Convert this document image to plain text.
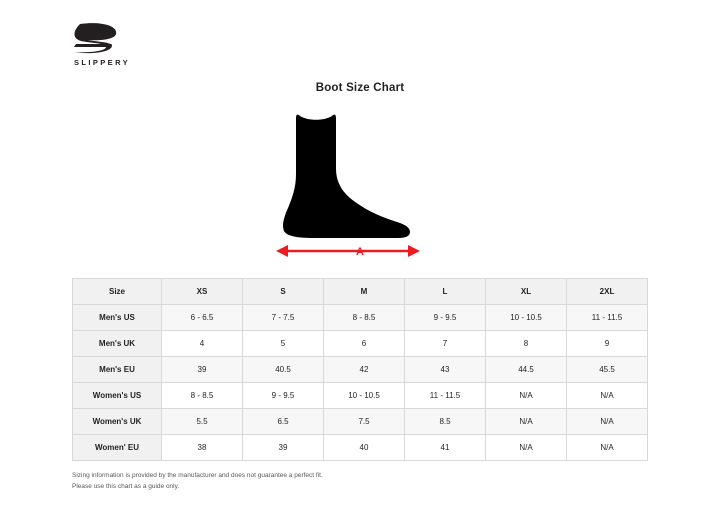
SLIPPERY
Boot Size Chart
A
Size	XS	S	M	L	XL	2XL
Men's US	6 - 6.5	7 - 7.5	8 - 8.5	9 - 9.5	10 - 10.5	11 - 11.5
Men's UK	4	5	6	7	8	9
Men's EU	39	40.5	42	43	44.5	45.5
Women's US	8 - 8.5	9 - 9.5	10 - 10.5	11 - 11.5	N/A	N/A
Women's UK	5.5	6.5	7.5	8.5	N/A	N/A
Women' EU	38	39	40	41	N/A	N/A
Sizing information is provided by the manufacturer and does not guarantee a perfect fit.
Please use this chart as a guide only.
